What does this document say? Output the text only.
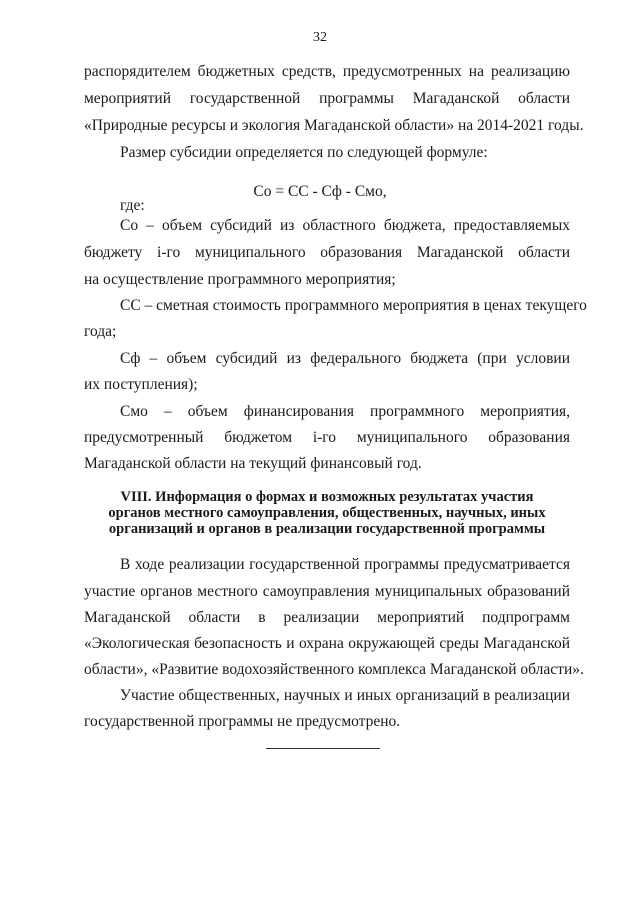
32
распорядителем бюджетных средств, предусмотренных на реализацию
мероприятий государственной программы Магаданской области
«Природные ресурсы и экология Магаданской области» на 2014-2021 годы.
Размер субсидии определяется по следующей формуле:
Со = СС - Сф - Смо,
где:
Со – объем субсидий из областного бюджета, предоставляемых
бюджету і-го муниципального образования Магаданской области
на осуществление программного мероприятия;
СС – сметная стоимость программного мероприятия в ценах текущего
года;
Сф – объем субсидий из федерального бюджета (при условии
их поступления);
Смо – объем финансирования программного мероприятия,
предусмотренный бюджетом і-го муниципального образования
Магаданской области на текущий финансовый год.
VIII. Информация о формах и возможных результатах участия
органов местного самоуправления, общественных, научных, иных
организаций и органов в реализации государственной программы
В ходе реализации государственной программы предусматривается
участие органов местного самоуправления муниципальных образований
Магаданской области в реализации мероприятий подпрограмм
«Экологическая безопасность и охрана окружающей среды Магаданской
области», «Развитие водохозяйственного комплекса Магаданской области».
Участие общественных, научных и иных организаций в реализации
государственной программы не предусмотрено.
